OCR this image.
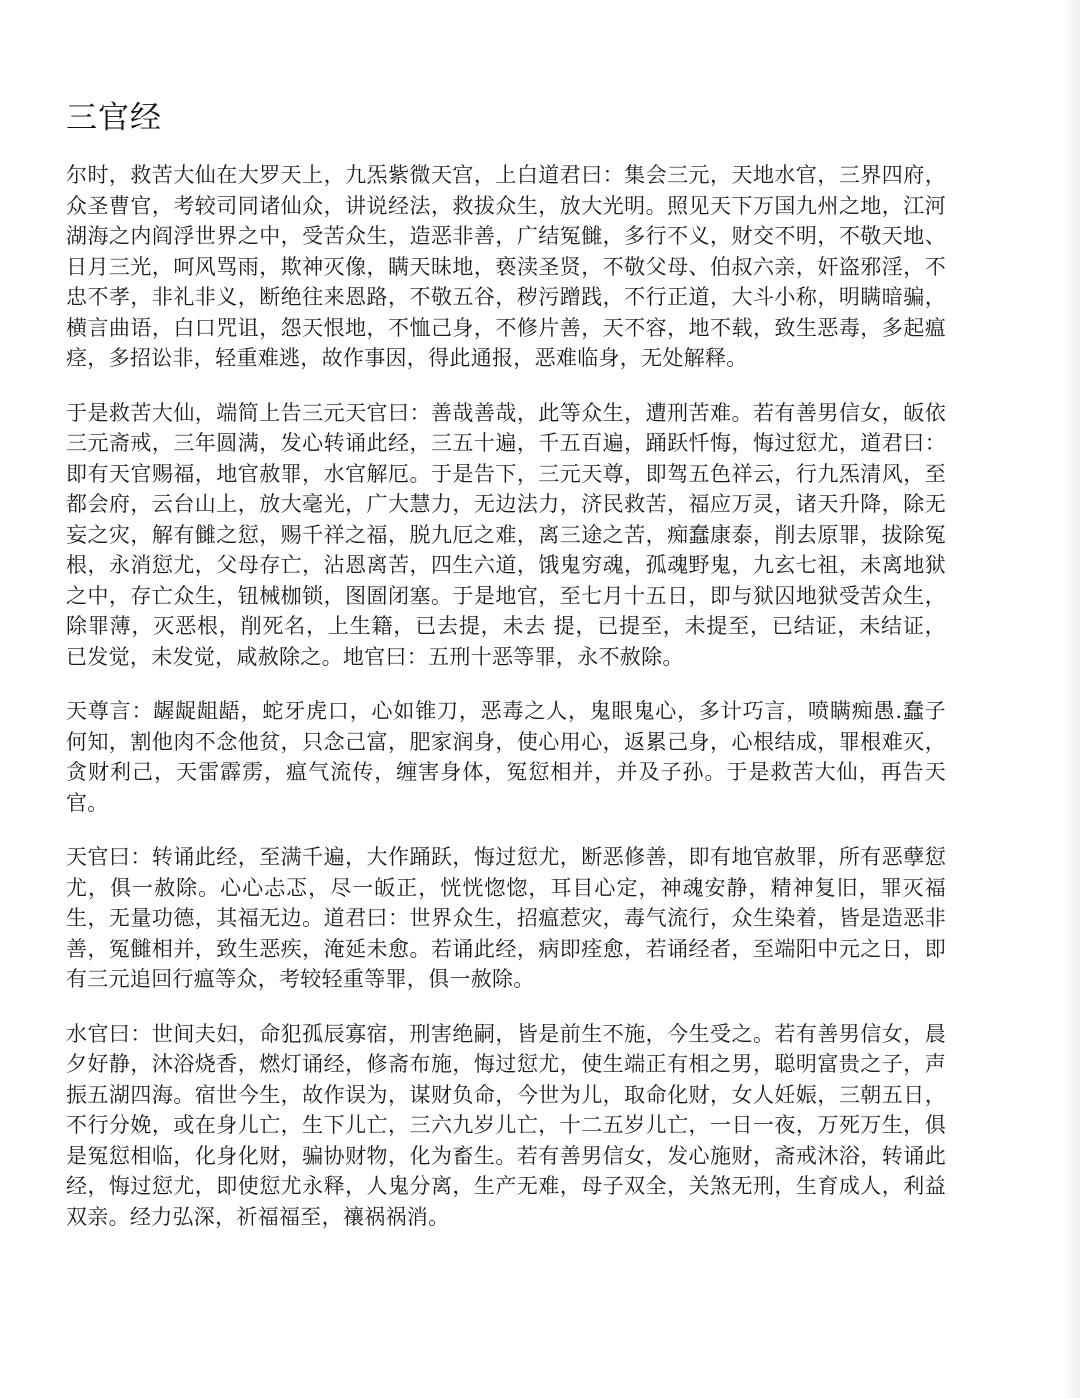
三官经

尔时，救苦大仙在大罗天上，九炁紫微天宫，上白道君曰：集会三元，天地水官，三界四府，众圣曹官，考较司同诸仙众，讲说经法，救拔众生，放大光明。照见天下万国九州之地，江河湖海之内阎浮世界之中，受苦众生，造恶非善，广结冤雠，多行不义，财交不明，不敬天地、日月三光，呵风骂雨，欺神灭像，瞒天昧地，亵渎圣贤，不敬父母、伯叔六亲，奸盗邪淫，不忠不孝，非礼非义，断绝往来恩路，不敬五谷，秽污蹭践，不行正道，大斗小称，明瞒暗骗，横言曲语，白口咒诅，怨天恨地，不恤己身，不修片善，天不容，地不载，致生恶毒，多起瘟痉，多招讼非，轻重难逃，故作事因，得此通报，恶难临身，无处解释。

于是救苦大仙，端简上告三元天官曰：善哉善哉，此等众生，遭刑苦难。若有善男信女，皈依三元斋戒，三年圆满，发心转诵此经，三五十遍，千五百遍，踊跃忏悔，悔过愆尤，道君曰：即有天官赐福，地官赦罪，水官解厄。于是告下，三元天尊，即驾五色祥云，行九炁清风，至都会府，云台山上，放大毫光，广大慧力，无边法力，济民救苦，福应万灵，诸天升降，除无妄之灾，解有雠之愆，赐千祥之福，脱九厄之难，离三途之苦，痴蠢康泰，削去原罪，拔除冤根，永消愆尤，父母存亡，沾恩离苦，四生六道，饿鬼穷魂，孤魂野鬼，九玄七祖，未离地狱之中，存亡众生，钮械枷锁，图圄闭塞。于是地官，至七月十五日，即与狱囚地狱受苦众生，除罪薄，灭恶根，削死名，上生籍，已去提，未去 提，已提至，未提至，已结证，未结证，已发觉，未发觉，咸赦除之。地官曰：五刑十恶等罪，永不赦除。

天尊言：龌龊龃龉，蛇牙虎口，心如锥刀，恶毒之人，鬼眼鬼心，多计巧言，喷瞒痴愚.蠢子何知，割他肉不念他贫，只念己富，肥家润身，使心用心，返累己身，心根结成，罪根难灭，贪财利己，天雷霹雳，瘟气流传，缠害身体，冤愆相并，并及子孙。于是救苦大仙，再告天官。

天官曰：转诵此经，至满千遍，大作踊跃，悔过愆尤，断恶修善，即有地官赦罪，所有恶孽愆尤，俱一赦除。心心忐忑，尽一皈正，恍恍惚惚，耳目心定，神魂安静，精神复旧，罪灭福生，无量功德，其福无边。道君曰：世界众生，招瘟惹灾，毒气流行，众生染着，皆是造恶非善，冤雠相并，致生恶疾，淹延未愈。若诵此经，病即痊愈，若诵经者，至端阳中元之日，即有三元追回行瘟等众，考较轻重等罪，俱一赦除。

水官曰：世间夫妇，命犯孤辰寡宿，刑害绝嗣，皆是前生不施，今生受之。若有善男信女，晨夕好静，沐浴烧香，燃灯诵经，修斋布施，悔过愆尤，使生端正有相之男，聪明富贵之子，声振五湖四海。宿世今生，故作误为，谋财负命，今世为儿，取命化财，女人妊娠，三朝五日，不行分娩，或在身儿亡，生下儿亡，三六九岁儿亡，十二五岁儿亡，一日一夜，万死万生，俱是冤愆相临，化身化财，骗协财物，化为畜生。若有善男信女，发心施财，斋戒沐浴，转诵此经，悔过愆尤，即使愆尤永释，人鬼分离，生产无难，母子双全，关煞无刑，生育成人，利益双亲。经力弘深，祈福福至，禳祸祸消。
